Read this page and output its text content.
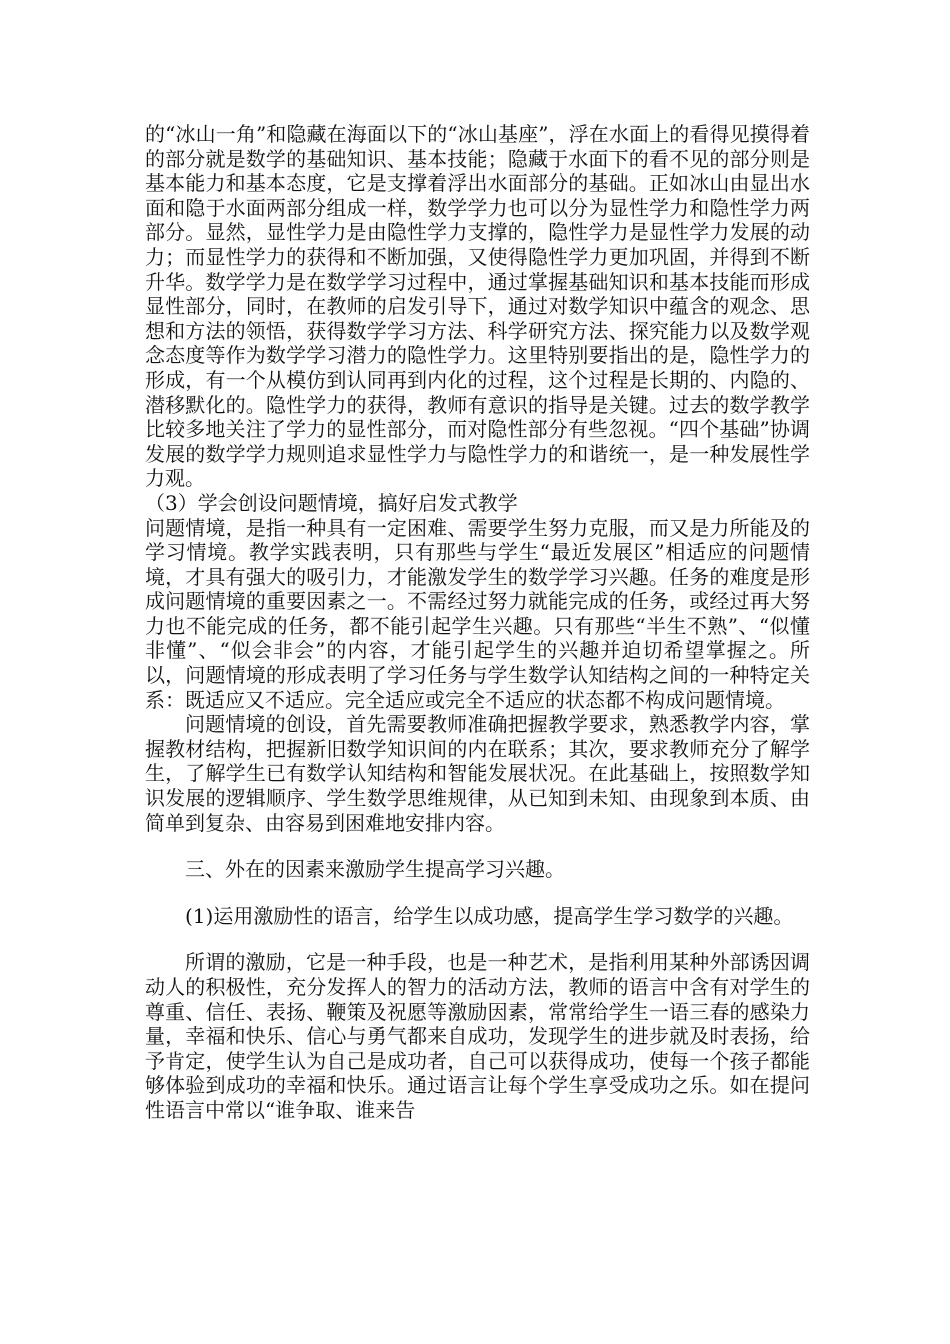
的“冰山一角”和隐藏在海面以下的“冰山基座”，浮在水面上的看得见摸得着的部分就是数学的基础知识、基本技能；隐藏于水面下的看不见的部分则是基本能力和基本态度，它是支撑着浮出水面部分的基础。正如冰山由显出水面和隐于水面两部分组成一样，数学学力也可以分为显性学力和隐性学力两部分。显然，显性学力是由隐性学力支撑的，隐性学力是显性学力发展的动力；而显性学力的获得和不断加强，又使得隐性学力更加巩固，并得到不断升华。数学学力是在数学学习过程中，通过掌握基础知识和基本技能而形成显性部分，同时，在教师的启发引导下，通过对数学知识中蕴含的观念、思想和方法的领悟，获得数学学习方法、科学研究方法、探究能力以及数学观念态度等作为数学学习潜力的隐性学力。这里特别要指出的是，隐性学力的形成，有一个从模仿到认同再到内化的过程，这个过程是长期的、内隐的、潜移默化的。隐性学力的获得，教师有意识的指导是关键。过去的数学教学比较多地关注了学力的显性部分，而对隐性部分有些忽视。“四个基础”协调发展的数学学力规则追求显性学力与隐性学力的和谐统一，是一种发展性学力观。

（3）学会创设问题情境，搞好启发式教学

问题情境，是指一种具有一定困难、需要学生努力克服，而又是力所能及的学习情境。教学实践表明，只有那些与学生“最近发展区”相适应的问题情境，才具有强大的吸引力，才能激发学生的数学学习兴趣。任务的难度是形成问题情境的重要因素之一。不需经过努力就能完成的任务，或经过再大努力也不能完成的任务，都不能引起学生兴趣。只有那些“半生不熟”、“似懂非懂”、“似会非会”的内容，才能引起学生的兴趣并迫切希望掌握之。所以，问题情境的形成表明了学习任务与学生数学认知结构之间的一种特定关系：既适应又不适应。完全适应或完全不适应的状态都不构成问题情境。

问题情境的创设，首先需要教师准确把握教学要求，熟悉教学内容，掌握教材结构，把握新旧数学知识间的内在联系；其次，要求教师充分了解学生，了解学生已有数学认知结构和智能发展状况。在此基础上，按照数学知识发展的逻辑顺序、学生数学思维规律，从已知到未知、由现象到本质、由简单到复杂、由容易到困难地安排内容。

三、外在的因素来激励学生提高学习兴趣。

(1)运用激励性的语言，给学生以成功感，提高学生学习数学的兴趣。

所谓的激励，它是一种手段，也是一种艺术，是指利用某种外部诱因调动人的积极性，充分发挥人的智力的活动方法，教师的语言中含有对学生的尊重、信任、表扬、鞭策及祝愿等激励因素，常常给学生一语三春的感染力量，幸福和快乐、信心与勇气都来自成功，发现学生的进步就及时表扬，给予肯定，使学生认为自己是成功者，自己可以获得成功，使每一个孩子都能够体验到成功的幸福和快乐。通过语言让每个学生享受成功之乐。如在提问性语言中常以“谁争取、谁来告
